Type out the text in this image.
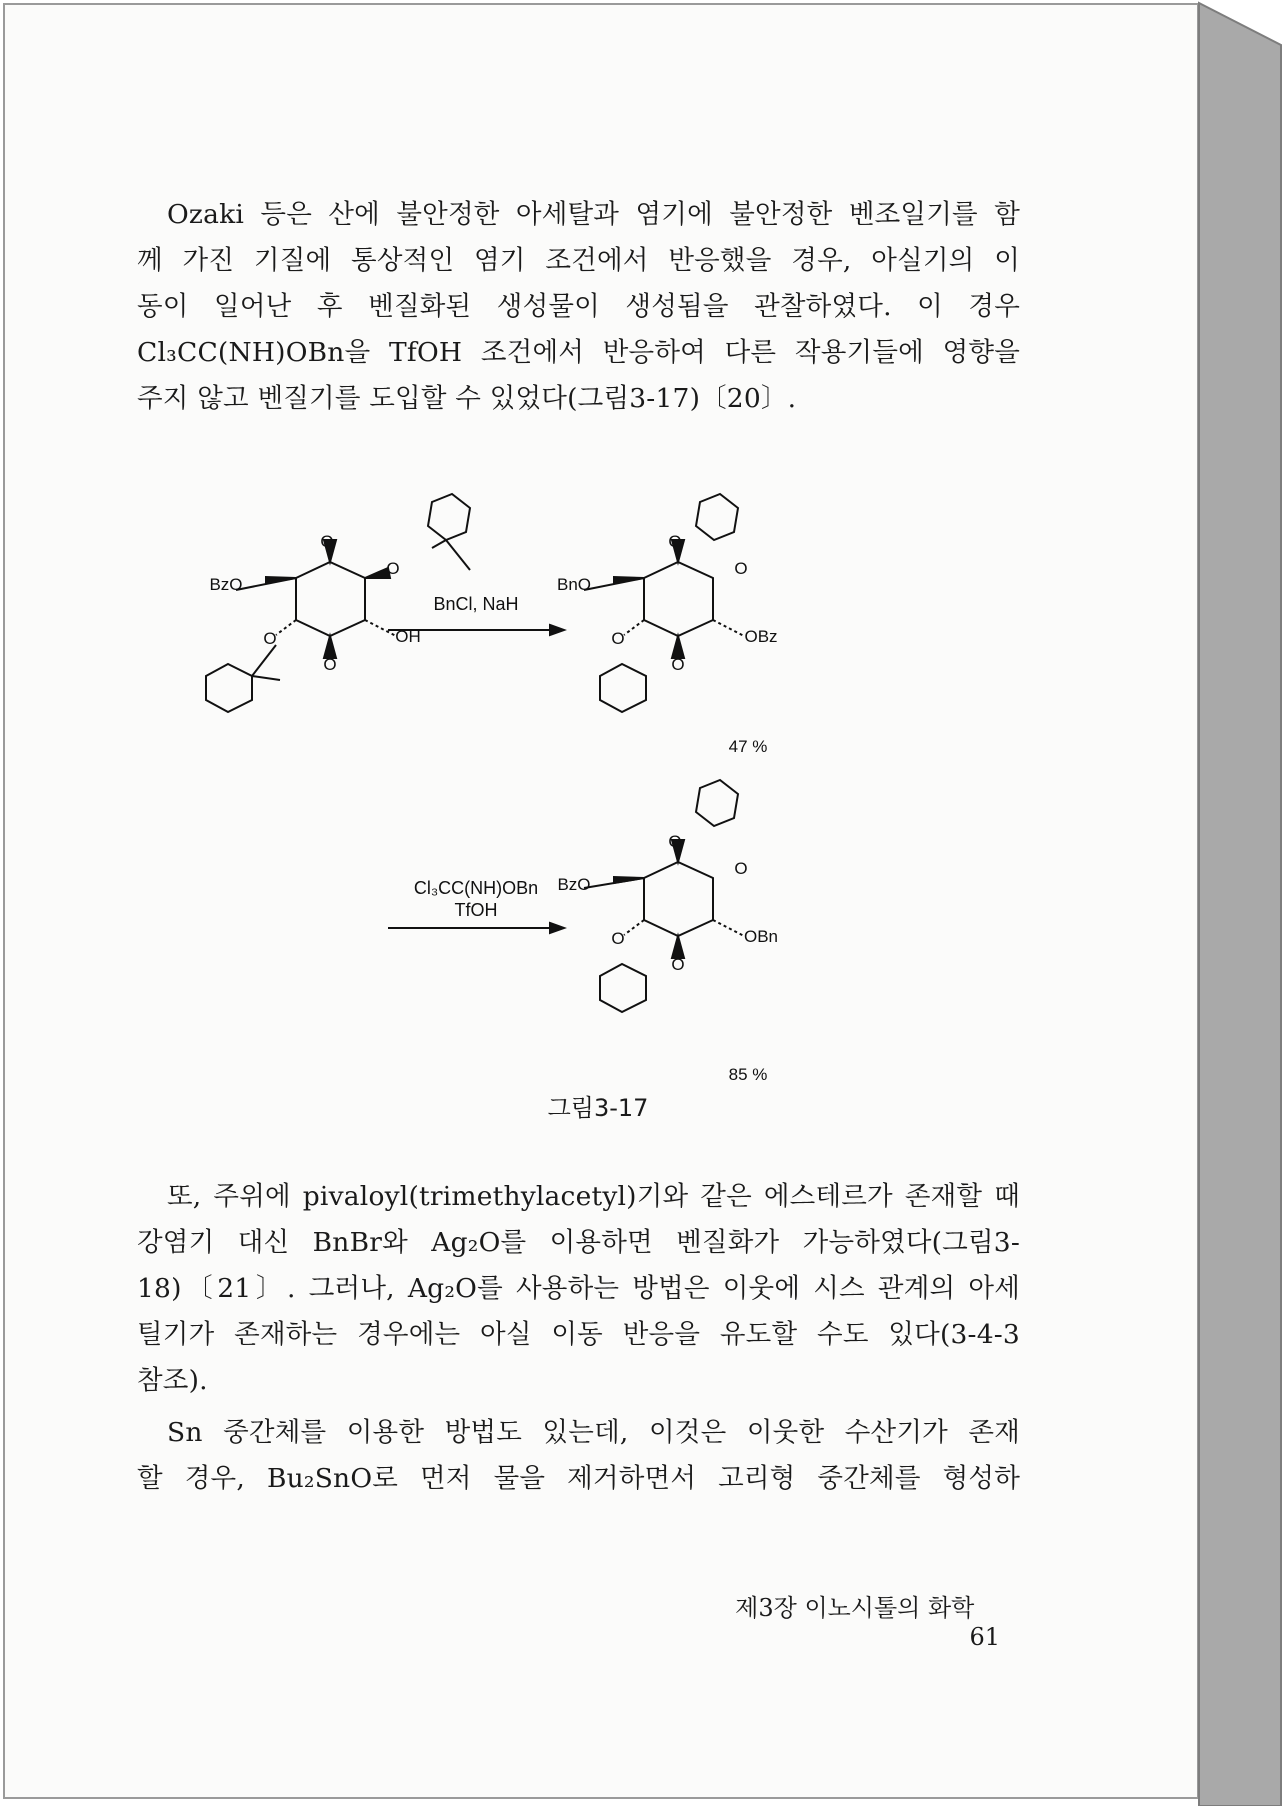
Ozaki 등은 산에 불안정한 아세탈과 염기에 불안정한 벤조일기를 함
께 가진 기질에 통상적인 염기 조건에서 반응했을 경우, 아실기의 이
동이 일어난 후 벤질화된 생성물이 생성됨을 관찰하였다. 이 경우
Cl₃CC(NH)OBn을 TfOH 조건에서 반응하여 다른 작용기들에 영향을
주지 않고 벤질기를 도입할 수 있었다(그림3-17)〔20〕.

O
O
O
O
BzO
OH
BnCl, NaH
O
O
O
O
BnO
OBz
47 %
Cl₃CC(NH)OBn
TfOH
O
O
O
O
BzO
OBn
85 %
그림3-17

또, 주위에 pivaloyl(trimethylacetyl)기와 같은 에스테르가 존재할 때
강염기 대신 BnBr와 Ag₂O를 이용하면 벤질화가 가능하였다(그림3-
18)〔21〕. 그러나, Ag₂O를 사용하는 방법은 이웃에 시스 관계의 아세
틸기가 존재하는 경우에는 아실 이동 반응을 유도할 수도 있다(3-4-3
참조).

Sn 중간체를 이용한 방법도 있는데, 이것은 이웃한 수산기가 존재
할 경우, Bu₂SnO로 먼저 물을 제거하면서 고리형 중간체를 형성하

제3장 이노시톨의 화학  61
